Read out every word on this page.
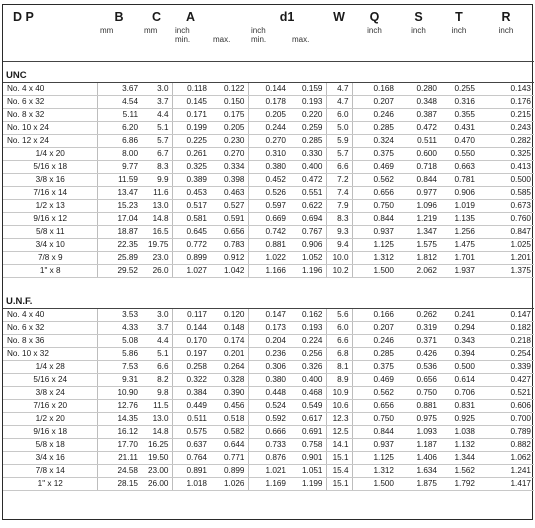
D P	B	C	A		d1		W	Q	S	T	R
	mm	mm	inch
min.	max.	inch
min.	max.		inch	inch	inch	inch
UNC											
No. 4 x 40	3.67	3.0	0.118	0.122	0.144	0.159	4.7	0.168	0.280	0.255	0.143
No. 6 x 32	4.54	3.7	0.145	0.150	0.178	0.193	4.7	0.207	0.348	0.316	0.176
No. 8 x 32	5.11	4.4	0.171	0.175	0.205	0.220	6.0	0.246	0.387	0.355	0.215
No. 10 x 24	6.20	5.1	0.199	0.205	0.244	0.259	5.0	0.285	0.472	0.431	0.243
No. 12 x 24	6.86	5.7	0.225	0.230	0.270	0.285	5.9	0.324	0.511	0.470	0.282
1/4 x 20	8.00	6.7	0.261	0.270	0.310	0.330	5.7	0.375	0.600	0.550	0.325
5/16 x 18	9.77	8.3	0.325	0.334	0.380	0.400	6.6	0.469	0.718	0.663	0.413
3/8 x 16	11.59	9.9	0.389	0.398	0.452	0.472	7.2	0.562	0.844	0.781	0.500
7/16 x 14	13.47	11.6	0.453	0.463	0.526	0.551	7.4	0.656	0.977	0.906	0.585
1/2 x 13	15.23	13.0	0.517	0.527	0.597	0.622	7.9	0.750	1.096	1.019	0.673
9/16 x 12	17.04	14.8	0.581	0.591	0.669	0.694	8.3	0.844	1.219	1.135	0.760
5/8 x 11	18.87	16.5	0.645	0.656	0.742	0.767	9.3	0.937	1.347	1.256	0.847
3/4 x 10	22.35	19.75	0.772	0.783	0.881	0.906	9.4	1.125	1.575	1.475	1.025
7/8 x 9	25.89	23.0	0.899	0.912	1.022	1.052	10.0	1.312	1.812	1.701	1.201
1" x 8	29.52	26.0	1.027	1.042	1.166	1.196	10.2	1.500	2.062	1.937	1.375

U.N.F.											
No. 4 x 40	3.53	3.0	0.117	0.120	0.147	0.162	5.6	0.166	0.262	0.241	0.147
No. 6 x 32	4.33	3.7	0.144	0.148	0.173	0.193	6.0	0.207	0.319	0.294	0.182
No. 8 x 36	5.08	4.4	0.170	0.174	0.204	0.224	6.6	0.246	0.371	0.343	0.218
No. 10 x 32	5.86	5.1	0.197	0.201	0.236	0.256	6.8	0.285	0.426	0.394	0.254
1/4 x 28	7.53	6.6	0.258	0.264	0.306	0.326	8.1	0.375	0.536	0.500	0.339
5/16 x 24	9.31	8.2	0.322	0.328	0.380	0.400	8.9	0.469	0.656	0.614	0.427
3/8 x 24	10.90	9.8	0.384	0.390	0.448	0.468	10.9	0.562	0.750	0.706	0.521
7/16 x 20	12.76	11.5	0.449	0.456	0.524	0.549	10.6	0.656	0.881	0.831	0.606
1/2 x 20	14.35	13.0	0.511	0.518	0.592	0.617	12.3	0.750	0.975	0.925	0.700
9/16 x 18	16.12	14.8	0.575	0.582	0.666	0.691	12.5	0.844	1.093	1.038	0.789
5/8 x 18	17.70	16.25	0.637	0.644	0.733	0.758	14.1	0.937	1.187	1.132	0.882
3/4 x 16	21.11	19.50	0.764	0.771	0.876	0.901	15.1	1.125	1.406	1.344	1.062
7/8 x 14	24.58	23.00	0.891	0.899	1.021	1.051	15.4	1.312	1.634	1.562	1.241
1" x 12	28.15	26.00	1.018	1.026	1.169	1.199	15.1	1.500	1.875	1.792	1.417
